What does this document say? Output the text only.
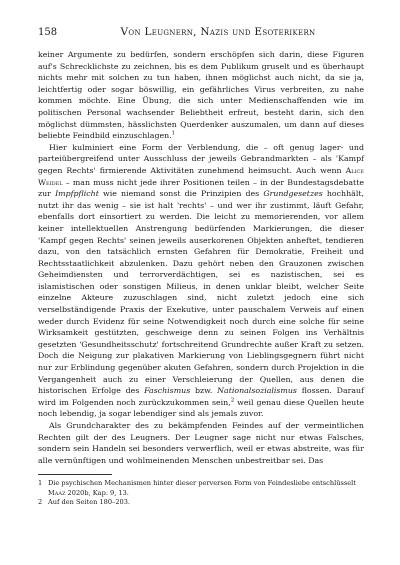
158	Von Leugnern, Nazis und Esoterikern

keiner Argumente zu bedürfen, sondern erschöpfen sich darin, diese Figuren auf's Schrecklichste zu zeichnen, bis es dem Publikum gruselt und es überhaupt nichts mehr mit solchen zu tun haben, ihnen möglichst auch nicht, da sie ja, leichtfertig oder sogar böswillig, ein gefährliches Virus verbreiten, zu nahe kommen möchte. Eine Übung, die sich unter Medienschaffenden wie im politischen Personal wachsender Beliebtheit erfreut, besteht darin, sich den möglichst dümmsten, hässlichsten Querdenker auszumalen, um dann auf dieses beliebte Feindbild einzuschlagen.$^1$

Hier kulminiert eine Form der Verblendung, die – oft genug lager- und parteiübergreifend unter Ausschluss der jeweils Gebrandmarkten – als 'Kampf gegen Rechts' firmierende Aktivitäten zunehmend heimsucht. Auch wenn Alice Weidel – man muss nicht jede ihrer Positionen teilen – in der Bundestagsdebatte zur Impfpflicht wie niemand sonst die Prinzipien des Grundgesetzes hochhält, nutzt ihr das wenig – sie ist halt 'rechts' – und wer ihr zustimmt, läuft Gefahr, ebenfalls dort einsortiert zu werden. Die leicht zu memorierenden, vor allem keiner intellektuellen Anstrengung bedürfenden Markierungen, die dieser 'Kampf gegen Rechts' seinen jeweils auserkorenen Objekten anheftet, tendieren dazu, von den tatsächlich ernsten Gefahren für Demokratie, Freiheit und Rechtsstaatlichkeit abzulenken. Dazu gehört neben den Grauzonen zwischen Geheimdiensten und terrorverdächtigen, sei es nazistischen, sei es islamistischen oder sonstigen Milieus, in denen unklar bleibt, welcher Seite einzelne Akteure zuzuschlagen sind, nicht zuletzt jedoch eine sich verselbständigende Praxis der Exekutive, unter pauschalem Verweis auf einen weder durch Evidenz für seine Notwendigkeit noch durch eine solche für seine Wirksamkeit gestützten, geschweige denn zu seinen Folgen ins Verhältnis gesetzten 'Gesundheitsschutz' fortschreitend Grundrechte außer Kraft zu setzen. Doch die Neigung zur plakativen Markierung von Lieblingsgegnern führt nicht nur zur Erblindung gegenüber akuten Gefahren, sondern durch Projektion in die Vergangenheit auch zu einer Verschleierung der Quellen, aus denen die historischen Erfolge des Faschismus bzw. Nationalsozialismus flossen. Darauf wird im Folgenden noch zurückzukommen sein,$^2$ weil genau diese Quellen heute noch lebendig, ja sogar lebendiger sind als jemals zuvor.

Als Grundcharakter des zu bekämpfenden Feindes auf der vermeintlichen Rechten gilt der des Leugners. Der Leugner sage nicht nur etwas Falsches, sondern sein Handeln sei besonders verwerflich, weil er etwas abstreite, was für alle vernünftigen und wohlmeinenden Menschen unbestreitbar sei. Das

1 Die psychischen Mechanismen hinter dieser perversen Form von Feindesliebe entschlüsselt Maaz 2020b, Kap. 9, 13.
2 Auf den Seiten 180–203.
